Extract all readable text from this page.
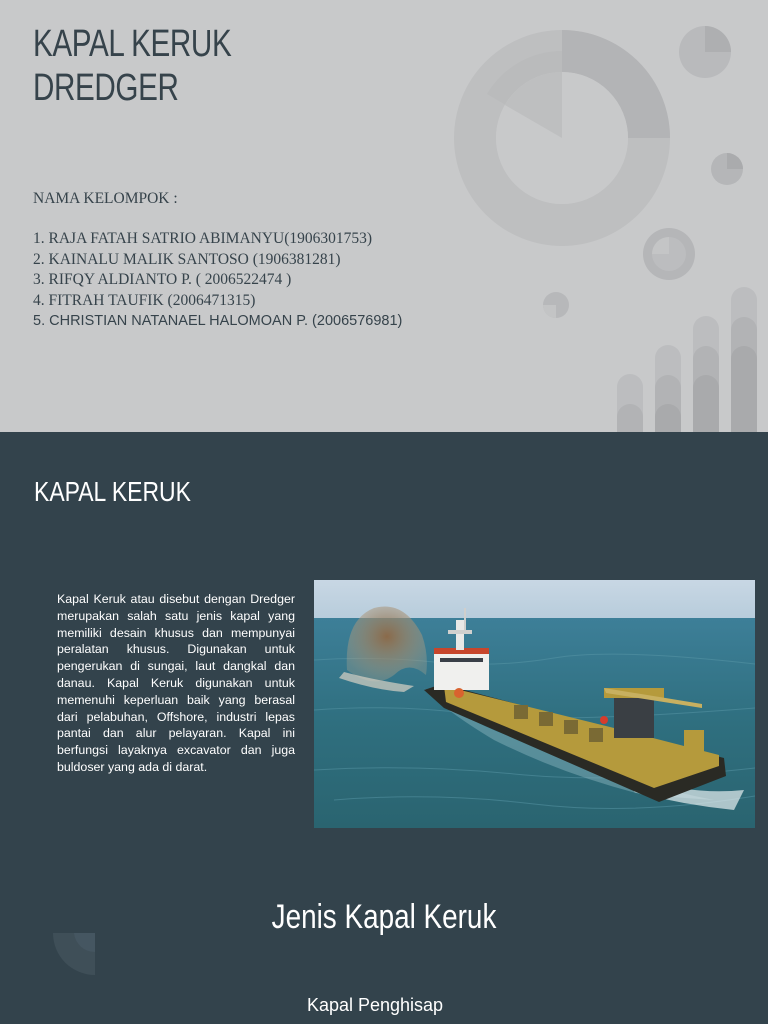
KAPAL KERUK
DREDGER

NAMA KELOMPOK :

1. RAJA FATAH SATRIO ABIMANYU(1906301753)
2. KAINALU MALIK SANTOSO (1906381281)
3. RIFQY ALDIANTO P. ( 2006522474 )
4. FITRAH TAUFIK (2006471315)
5. CHRISTIAN NATANAEL HALOMOAN P. (2006576981)
KAPAL KERUK

Kapal Keruk atau disebut dengan Dredger merupakan salah satu jenis kapal yang memiliki desain khusus dan mempunyai peralatan khusus. Digunakan untuk pengerukan di sungai, laut dangkal dan danau. Kapal Keruk digunakan untuk memenuhi keperluan baik yang berasal dari pelabuhan, Offshore, industri lepas pantai dan alur pelayaran. Kapal ini berfungsi layaknya excavator dan juga buldoser yang ada di darat.

Jenis Kapal Keruk

Kapal Penghisap
